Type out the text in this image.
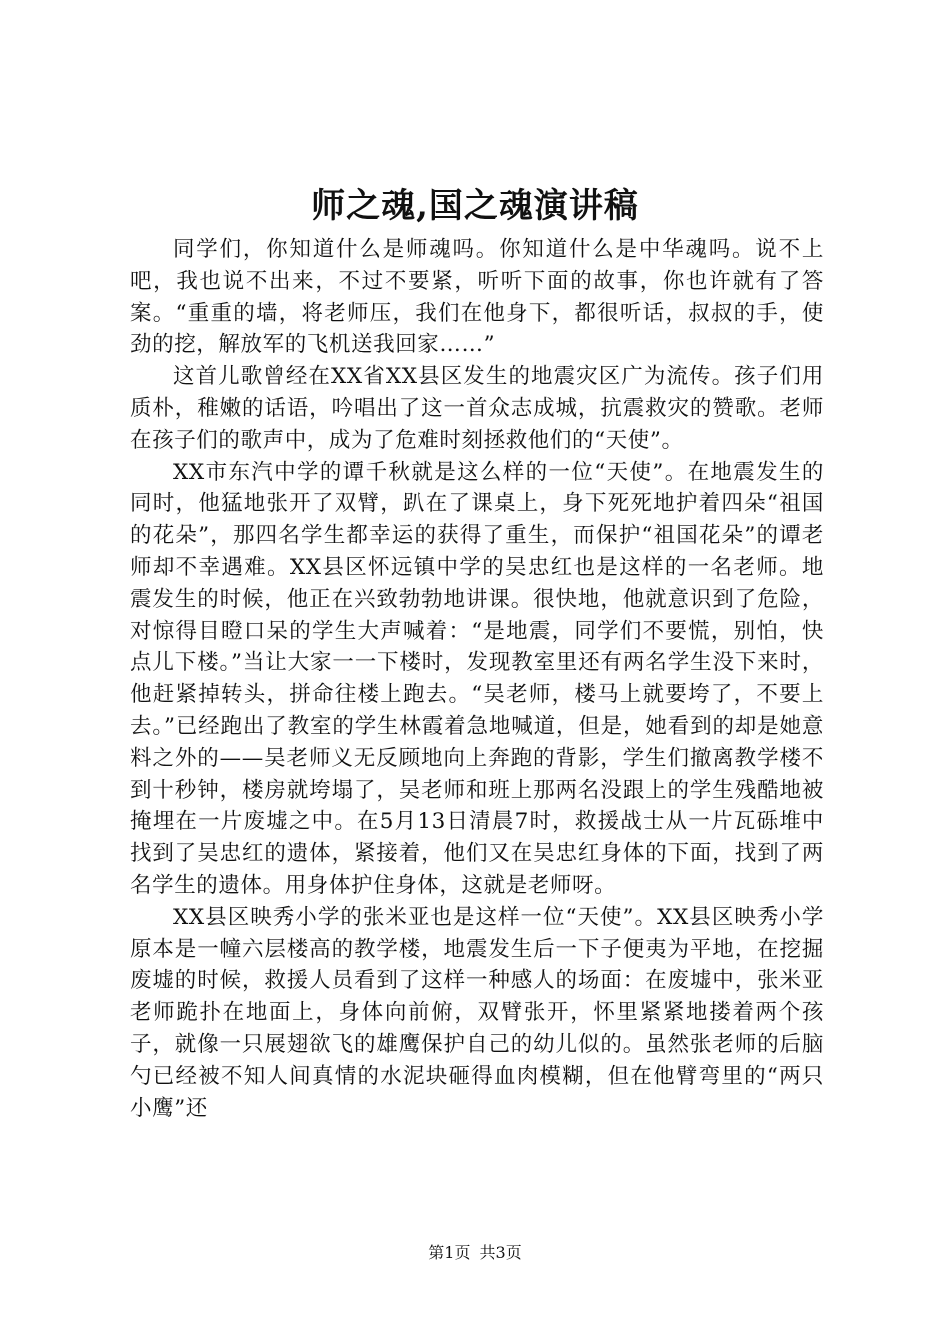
师之魂,国之魂演讲稿

同学们，你知道什么是师魂吗。你知道什么是中华魂吗。说不上吧，我也说不出来，不过不要紧，听听下面的故事，你也许就有了答案。“重重的墙，将老师压，我们在他身下，都很听话，叔叔的手，使劲的挖，解放军的飞机送我回家……”

这首儿歌曾经在XX省XX县区发生的地震灾区广为流传。孩子们用质朴，稚嫩的话语，吟唱出了这一首众志成城，抗震救灾的赞歌。老师在孩子们的歌声中，成为了危难时刻拯救他们的“天使”。

XX市东汽中学的谭千秋就是这么样的一位“天使”。在地震发生的同时，他猛地张开了双臂，趴在了课桌上，身下死死地护着四朵“祖国的花朵”，那四名学生都幸运的获得了重生，而保护“祖国花朵”的谭老师却不幸遇难。XX县区怀远镇中学的吴忠红也是这样的一名老师。地震发生的时候，他正在兴致勃勃地讲课。很快地，他就意识到了危险，对惊得目瞪口呆的学生大声喊着：“是地震，同学们不要慌，别怕，快点儿下楼。”当让大家一一下楼时，发现教室里还有两名学生没下来时，他赶紧掉转头，拼命往楼上跑去。“吴老师，楼马上就要垮了，不要上去。”已经跑出了教室的学生林霞着急地喊道，但是，她看到的却是她意料之外的——吴老师义无反顾地向上奔跑的背影，学生们撤离教学楼不到十秒钟，楼房就垮塌了，吴老师和班上那两名没跟上的学生残酷地被掩埋在一片废墟之中。在5月13日清晨7时，救援战士从一片瓦砾堆中找到了吴忠红的遗体，紧接着，他们又在吴忠红身体的下面，找到了两名学生的遗体。用身体护住身体，这就是老师呀。

XX县区映秀小学的张米亚也是这样一位“天使”。XX县区映秀小学原本是一幢六层楼高的教学楼，地震发生后一下子便夷为平地，在挖掘废墟的时候，救援人员看到了这样一种感人的场面：在废墟中，张米亚老师跪扑在地面上，身体向前俯，双臂张开，怀里紧紧地搂着两个孩子，就像一只展翅欲飞的雄鹰保护自己的幼儿似的。虽然张老师的后脑勺已经被不知人间真情的水泥块砸得血肉模糊，但在他臂弯里的“两只小鹰”还

第1页 共3页
